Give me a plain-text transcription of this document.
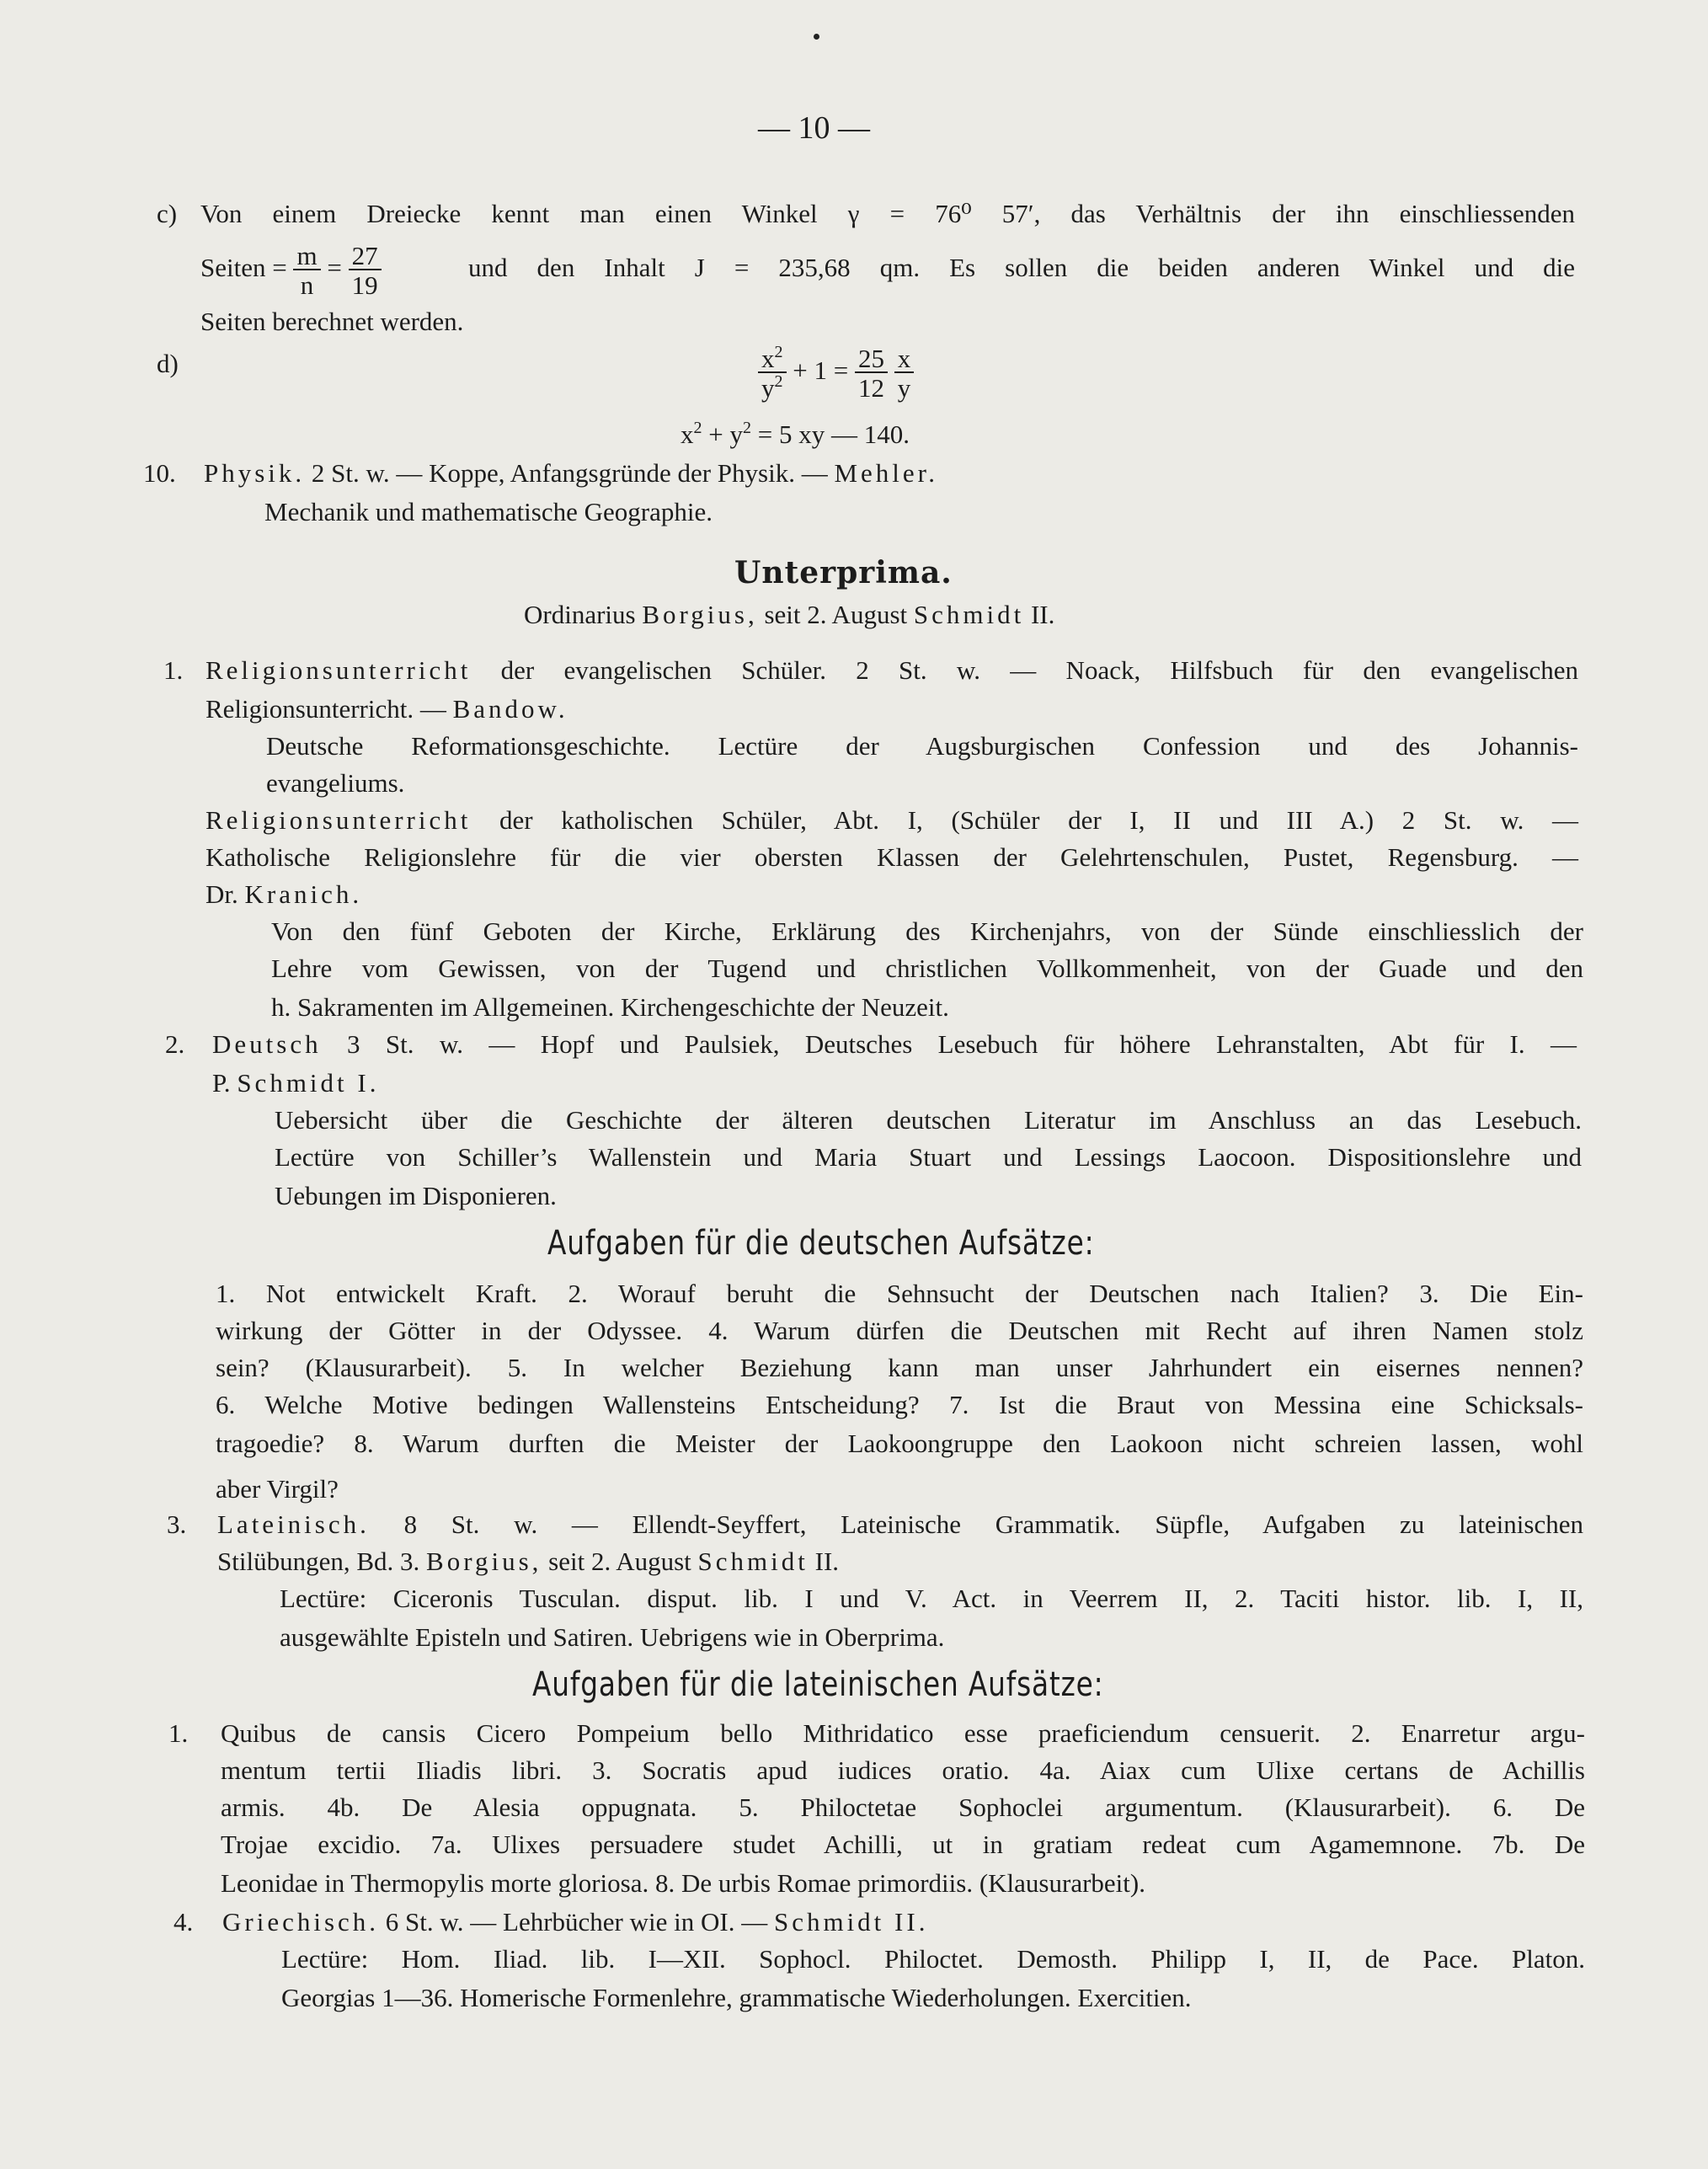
— 10 —
c) Von einem Dreiecke kennt man einen Winkel γ = 76⁰ 57′, das Verhältnis der ihn einschliessenden
Seiten = $\frac{m}{n} = \frac{27}{19}$	und den Inhalt J = 235,68 qm. Es sollen die beiden anderen Winkel und die
Seiten berechnet werden.
d)	$\frac{x^2}{y^2} + 1 = \frac{25}{12}$
$\frac{x}{y}$
$x^2 + y^2 = 5$ xy — 140.
10. Physik. 2 St. w. — Koppe, Anfangsgründe der Physik. — Mehler.
Mechanik und mathematische Geographie.
Unterprima.
Ordinarius Borgius, seit 2. August Schmidt II.
1. Religionsunterricht der evangelischen Schüler. 2 St. w. — Noack, Hilfsbuch für den evangelischen
Religionsunterricht. — Bandow.
Deutsche Reformationsgeschichte. Lectüre der Augsburgischen Confession und des Johannis-
evangeliums.
Religionsunterricht der katholischen Schüler, Abt. I, (Schüler der I, II und III A.) 2 St. w. —
Katholische Religionslehre für die vier obersten Klassen der Gelehrtenschulen, Pustet, Regensburg. —
Dr. Kranich.
Von den fünf Geboten der Kirche, Erklärung des Kirchenjahrs, von der Sünde einschliesslich der
Lehre vom Gewissen, von der Tugend und christlichen Vollkommenheit, von der Guade und den
h. Sakramenten im Allgemeinen. Kirchengeschichte der Neuzeit.
2. Deutsch 3 St. w. — Hopf und Paulsiek, Deutsches Lesebuch für höhere Lehranstalten, Abt für I. —
P. Schmidt I.
Uebersicht über die Geschichte der älteren deutschen Literatur im Anschluss an das Lesebuch.
Lectüre von Schiller’s Wallenstein und Maria Stuart und Lessings Laocoon. Dispositionslehre und
Uebungen im Disponieren.
Aufgaben für die deutschen Aufsätze:
1. Not entwickelt Kraft. 2. Worauf beruht die Sehnsucht der Deutschen nach Italien? 3. Die Ein-
wirkung der Götter in der Odyssee. 4. Warum dürfen die Deutschen mit Recht auf ihren Namen stolz
sein? (Klausurarbeit). 5. In welcher Beziehung kann man unser Jahrhundert ein eisernes nennen?
6. Welche Motive bedingen Wallensteins Entscheidung? 7. Ist die Braut von Messina eine Schicksals-
tragoedie? 8. Warum durften die Meister der Laokoongruppe den Laokoon nicht schreien lassen, wohl
aber Virgil?
3. Lateinisch. 8 St. w. — Ellendt-Seyffert, Lateinische Grammatik. Süpfle, Aufgaben zu lateinischen
Stilübungen, Bd. 3. Borgius, seit 2. August Schmidt II.
Lectüre: Ciceronis Tusculan. disput. lib. I und V. Act. in Veerrem II, 2. Taciti histor. lib. I, II,
ausgewählte Episteln und Satiren. Uebrigens wie in Oberprima.
Aufgaben für die lateinischen Aufsätze:
1. Quibus de cansis Cicero Pompeium bello Mithridatico esse praeficiendum censuerit. 2. Enarretur argu-
mentum tertii Iliadis libri. 3. Socratis apud iudices oratio. 4a. Aiax cum Ulixe certans de Achillis
armis. 4b. De Alesia oppugnata. 5. Philoctetae Sophoclei argumentum. (Klausurarbeit). 6. De
Trojae excidio. 7a. Ulixes persuadere studet Achilli, ut in gratiam redeat cum Agamemnone. 7b. De
Leonidae in Thermopylis morte gloriosa. 8. De urbis Romae primordiis. (Klausurarbeit).
4. Griechisch. 6 St. w. — Lehrbücher wie in OI. — Schmidt II.
Lectüre: Hom. Iliad. lib. I—XII. Sophocl. Philoctet. Demosth. Philipp I, II, de Pace. Platon.
Georgias 1—36. Homerische Formenlehre, grammatische Wiederholungen. Exercitien.
